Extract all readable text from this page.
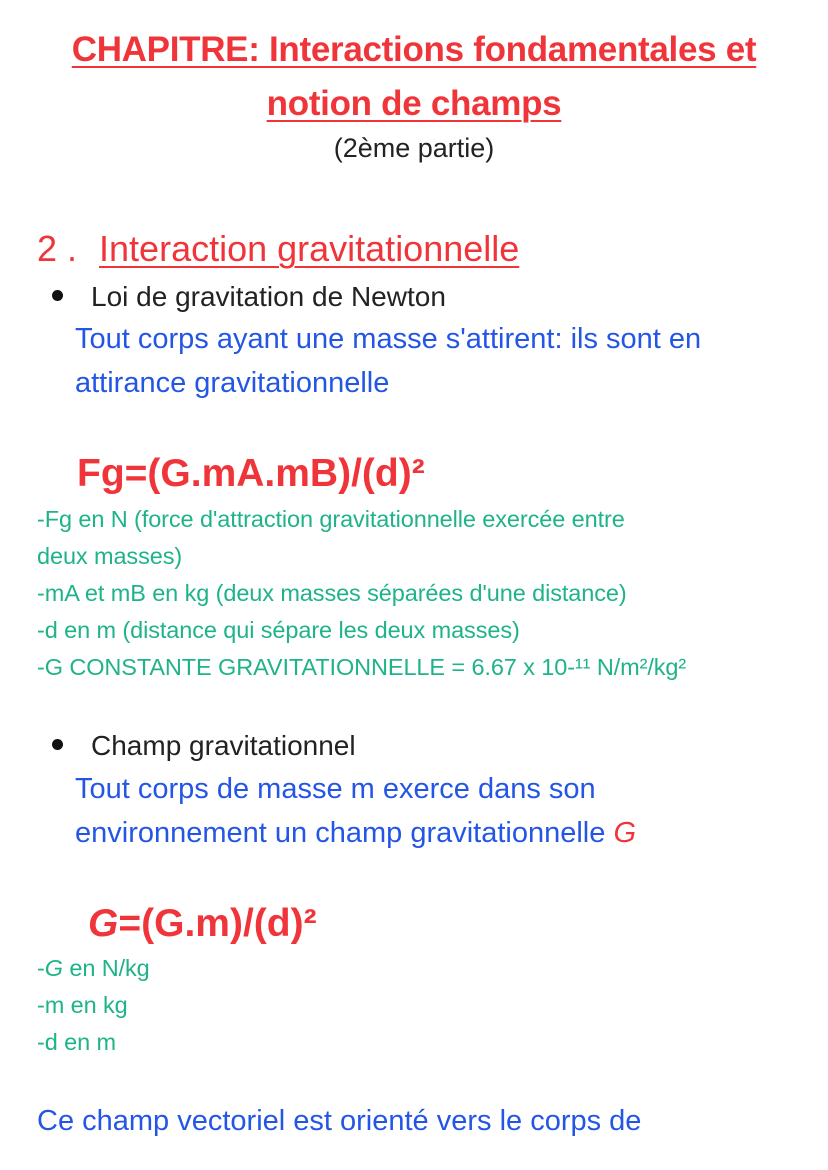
CHAPITRE: Interactions fondamentales et
notion de champs
(2ème partie)
2 . Interaction gravitationnelle
Loi de gravitation de Newton
Tout corps ayant une masse s'attirent: ils sont en
attirance gravitationnelle
Fg=(G.mA.mB)/(d)²
-Fg en N (force d'attraction gravitationnelle exercée entre
deux masses)
-mA et mB en kg (deux masses séparées d'une distance)
-d en m (distance qui sépare les deux masses)
-G CONSTANTE GRAVITATIONNELLE = 6.67 x 10-¹¹ N/m²/kg²
Champ gravitationnel
Tout corps de masse m exerce dans son
environnement un champ gravitationnelle G
G=(G.m)/(d)²
-G en N/kg
-m en kg
-d en m
Ce champ vectoriel est orienté vers le corps de
